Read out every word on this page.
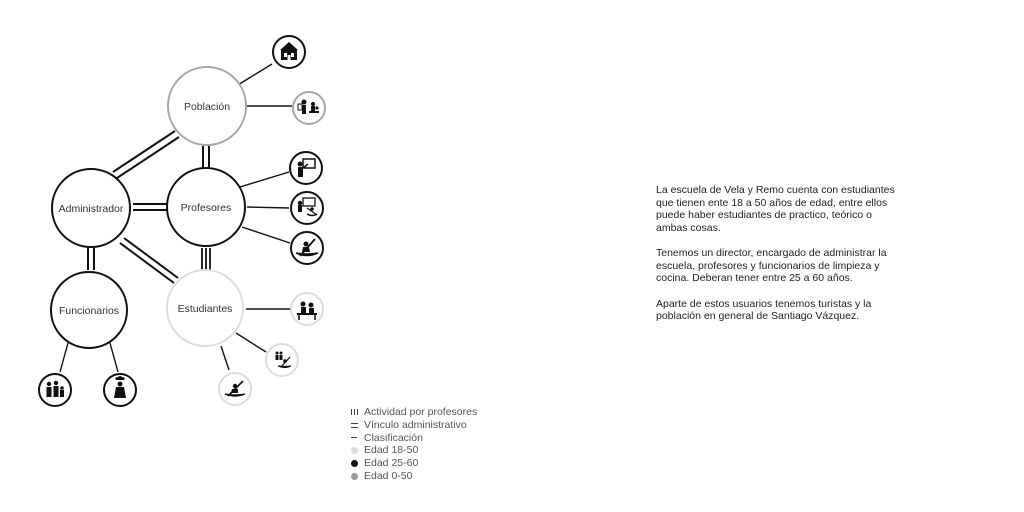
Población
Administrador	Profesores
Estudiantes
Funcionarios
Actividad por profesores
Vínculo administrativo
Clasificación
Edad 18-50
Edad 25-60
Edad 0-50

La escuela de Vela y Remo cuenta con estudiantes que tienen ente 18 a 50 años de edad, entre ellos puede haber estudiantes de practico, teórico o ambas cosas.

Tenemos un director, encargado de administrar la escuela, profesores y funcionarios de limpieza y cocina. Deberan tener entre 25 a 60 años.

Aparte de estos usuarios tenemos turistas y la población en general de Santiago Vázquez.
